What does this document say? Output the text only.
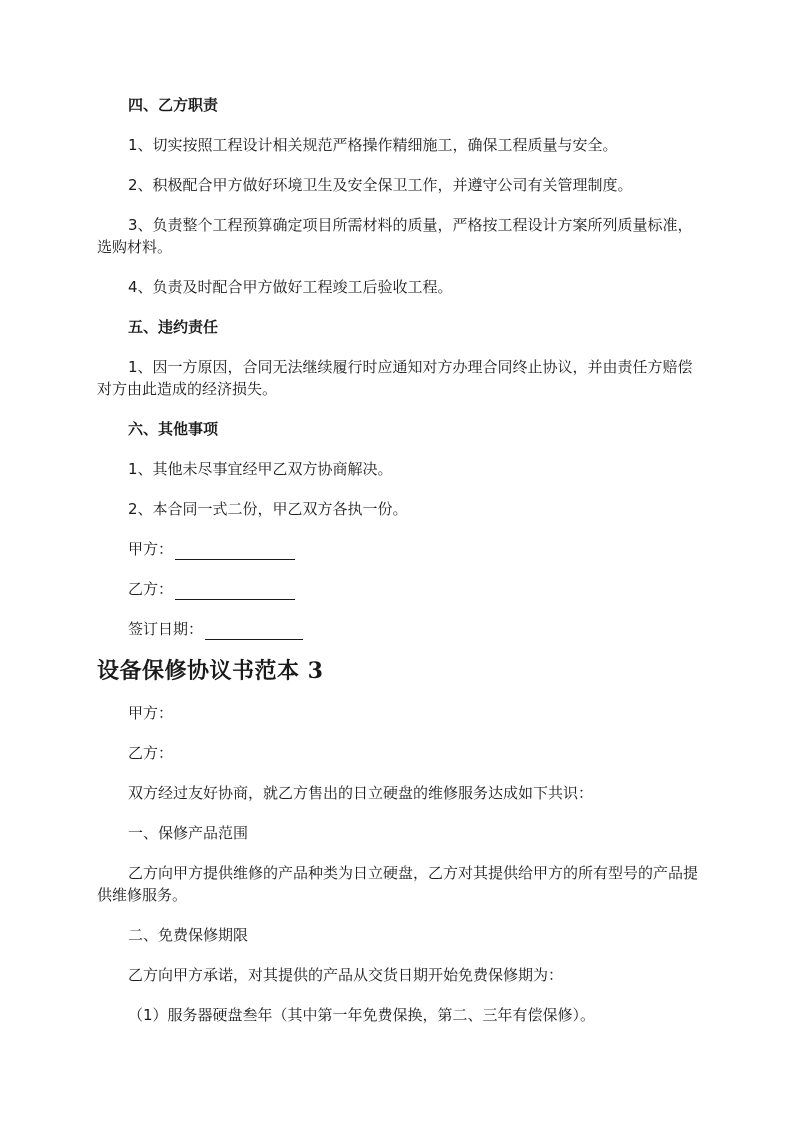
四、乙方职责

1、切实按照工程设计相关规范严格操作精细施工，确保工程质量与安全。

2、积极配合甲方做好环境卫生及安全保卫工作，并遵守公司有关管理制度。

3、负责整个工程预算确定项目所需材料的质量，严格按工程设计方案所列质量标准，选购材料。

4、负责及时配合甲方做好工程竣工后验收工程。

五、违约责任

1、因一方原因，合同无法继续履行时应通知对方办理合同终止协议，并由责任方赔偿对方由此造成的经济损失。

六、其他事项

1、其他未尽事宜经甲乙双方协商解决。

2、本合同一式二份，甲乙双方各执一份。

甲方：
乙方：
签订日期：

设备保修协议书范本 3

甲方：

乙方：

双方经过友好协商，就乙方售出的日立硬盘的维修服务达成如下共识：

一、保修产品范围

乙方向甲方提供维修的产品种类为日立硬盘，乙方对其提供给甲方的所有型号的产品提供维修服务。

二、免费保修期限

乙方向甲方承诺，对其提供的产品从交货日期开始免费保修期为：

（1）服务器硬盘叁年（其中第一年免费保换，第二、三年有偿保修）。
